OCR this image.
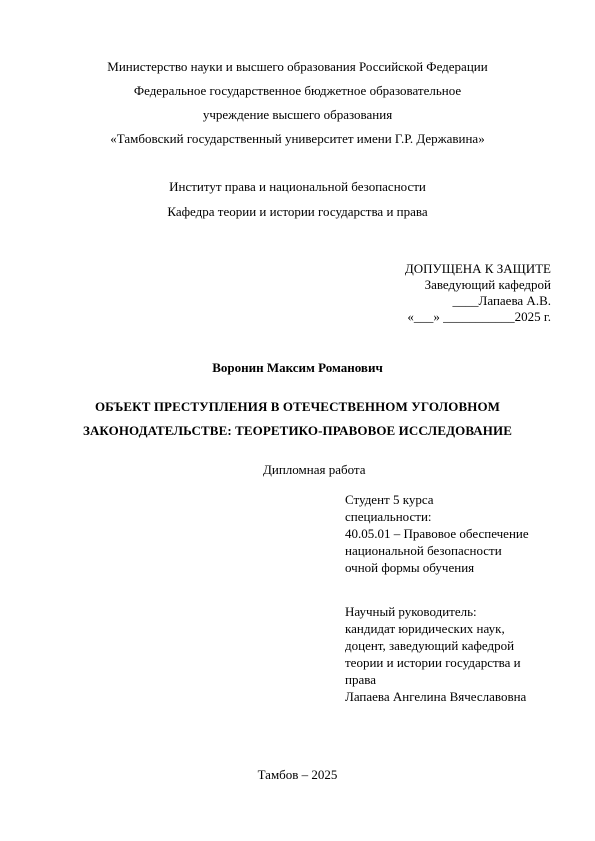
Министерство науки и высшего образования Российской Федерации
Федеральное государственное бюджетное образовательное
учреждение высшего образования
«Тамбовский государственный университет имени Г.Р. Державина»
Институт права и национальной безопасности
Кафедра теории и истории государства и права
ДОПУЩЕНА К ЗАЩИТЕ
Заведующий кафедрой
____Лапаева А.В.
«___» ___________2025 г.
Воронин Максим Романович
ОБЪЕКТ ПРЕСТУПЛЕНИЯ В ОТЕЧЕСТВЕННОМ УГОЛОВНОМ
ЗАКОНОДАТЕЛЬСТВЕ: ТЕОРЕТИКО-ПРАВОВОЕ ИССЛЕДОВАНИЕ
Дипломная работа
Студент 5 курса
специальности:
40.05.01 – Правовое обеспечение
национальной безопасности
очной формы обучения
Научный руководитель:
кандидат юридических наук,
доцент, заведующий кафедрой
теории и истории государства и
права
Лапаева Ангелина Вячеславовна
Тамбов – 2025
